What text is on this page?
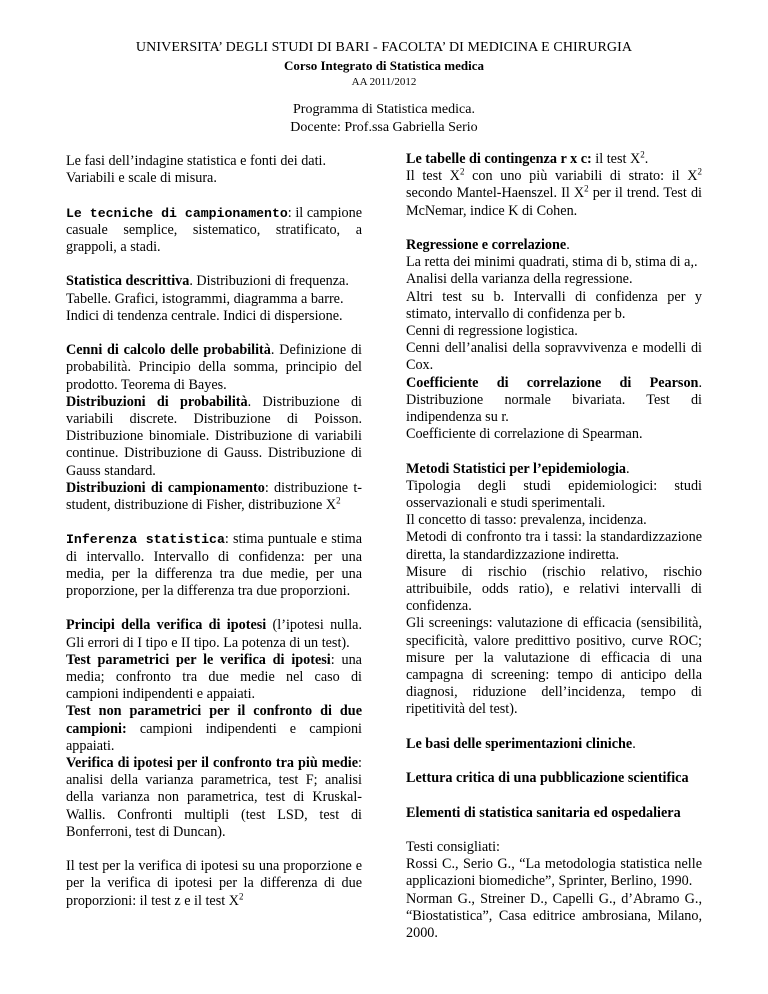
UNIVERSITA’ DEGLI STUDI DI BARI - FACOLTA’ DI MEDICINA E CHIRURGIA
Corso Integrato di Statistica medica
AA 2011/2012
Programma di Statistica medica.
Docente: Prof.ssa Gabriella Serio

Le fasi dell’indagine statistica e fonti dei dati.

Variabili e scale di misura.

Le tecniche di campionamento: il campione casuale semplice, sistematico, stratificato, a grappoli, a stadi.
Statistica descrittiva. Distribuzioni di frequenza. Tabelle. Grafici, istogrammi, diagramma a barre. Indici di tendenza centrale. Indici di dispersione.

Cenni di calcolo delle probabilità. Definizione di probabilità. Principio della somma, principio del prodotto. Teorema di Bayes.

Distribuzioni di probabilità. Distribuzione di variabili discrete. Distribuzione di Poisson. Distribuzione binomiale. Distribuzione di variabili continue. Distribuzione di Gauss. Distribuzione di Gauss standard.

Distribuzioni di campionamento: distribuzione t-student, distribuzione di Fisher, distribuzione $X^2$

Inferenza statistica: stima puntuale e stima di intervallo. Intervallo di confidenza: per una media, per la differenza tra due medie, per una proporzione, per la differenza tra due proporzioni.

Principi della verifica di ipotesi (l’ipotesi nulla. Gli errori di I tipo e II tipo. La potenza di un test).

Test parametrici per le verifica di ipotesi: una media; confronto tra due medie nel caso di campioni indipendenti e appaiati.

Test non parametrici per il confronto di due campioni: campioni indipendenti e campioni appaiati.

Verifica di ipotesi per il confronto tra più medie: analisi della varianza parametrica, test F; analisi della varianza non parametrica, test di Kruskal-Wallis. Confronti multipli (test LSD, test di Bonferroni, test di Duncan).

Il test per la verifica di ipotesi su una proporzione e per la verifica di ipotesi per la differenza di due proporzioni: il test z e il test $X^2$

Le tabelle di contingenza r x c: il test $X^2$.

Il test $X^2$ con uno più variabili di strato: il $X^2$ secondo Mantel-Haenszel. Il $X^2$ per il trend. Test di McNemar, indice K di Cohen.

Regressione e correlazione.

La retta dei minimi quadrati, stima di b, stima di a,.

Analisi della varianza della regressione.

Altri test su b. Intervalli di confidenza per y stimato, intervallo di confidenza per b.

Cenni di regressione logistica.

Cenni dell’analisi della sopravvivenza e modelli di Cox.

Coefficiente di correlazione di Pearson. Distribuzione normale bivariata. Test di indipendenza su r.

Coefficiente di correlazione di Spearman.

Metodi Statistici per l’epidemiologia.

Tipologia degli studi epidemiologici: studi osservazionali e studi sperimentali.

Il concetto di tasso: prevalenza, incidenza.

Metodi di confronto tra i tassi: la standardizzazione diretta, la standardizzazione indiretta.

Misure di rischio (rischio relativo, rischio attribuibile, odds ratio), e relativi intervalli di confidenza.

Gli screenings: valutazione di efficacia (sensibilità, specificità, valore predittivo positivo, curve ROC; misure per la valutazione di efficacia di una campagna di screening: tempo di anticipo della diagnosi, riduzione dell’incidenza, tempo di ripetitività del test).

Le basi delle sperimentazioni cliniche.
Lettura critica di una pubblicazione scientifica
Elementi di statistica sanitaria ed ospedaliera

Testi consigliati:

Rossi C., Serio G., “La metodologia statistica nelle applicazioni biomediche”, Sprinter, Berlino, 1990.

Norman G., Streiner D., Capelli G., d’Abramo G., “Biostatistica”, Casa editrice ambrosiana, Milano, 2000.
